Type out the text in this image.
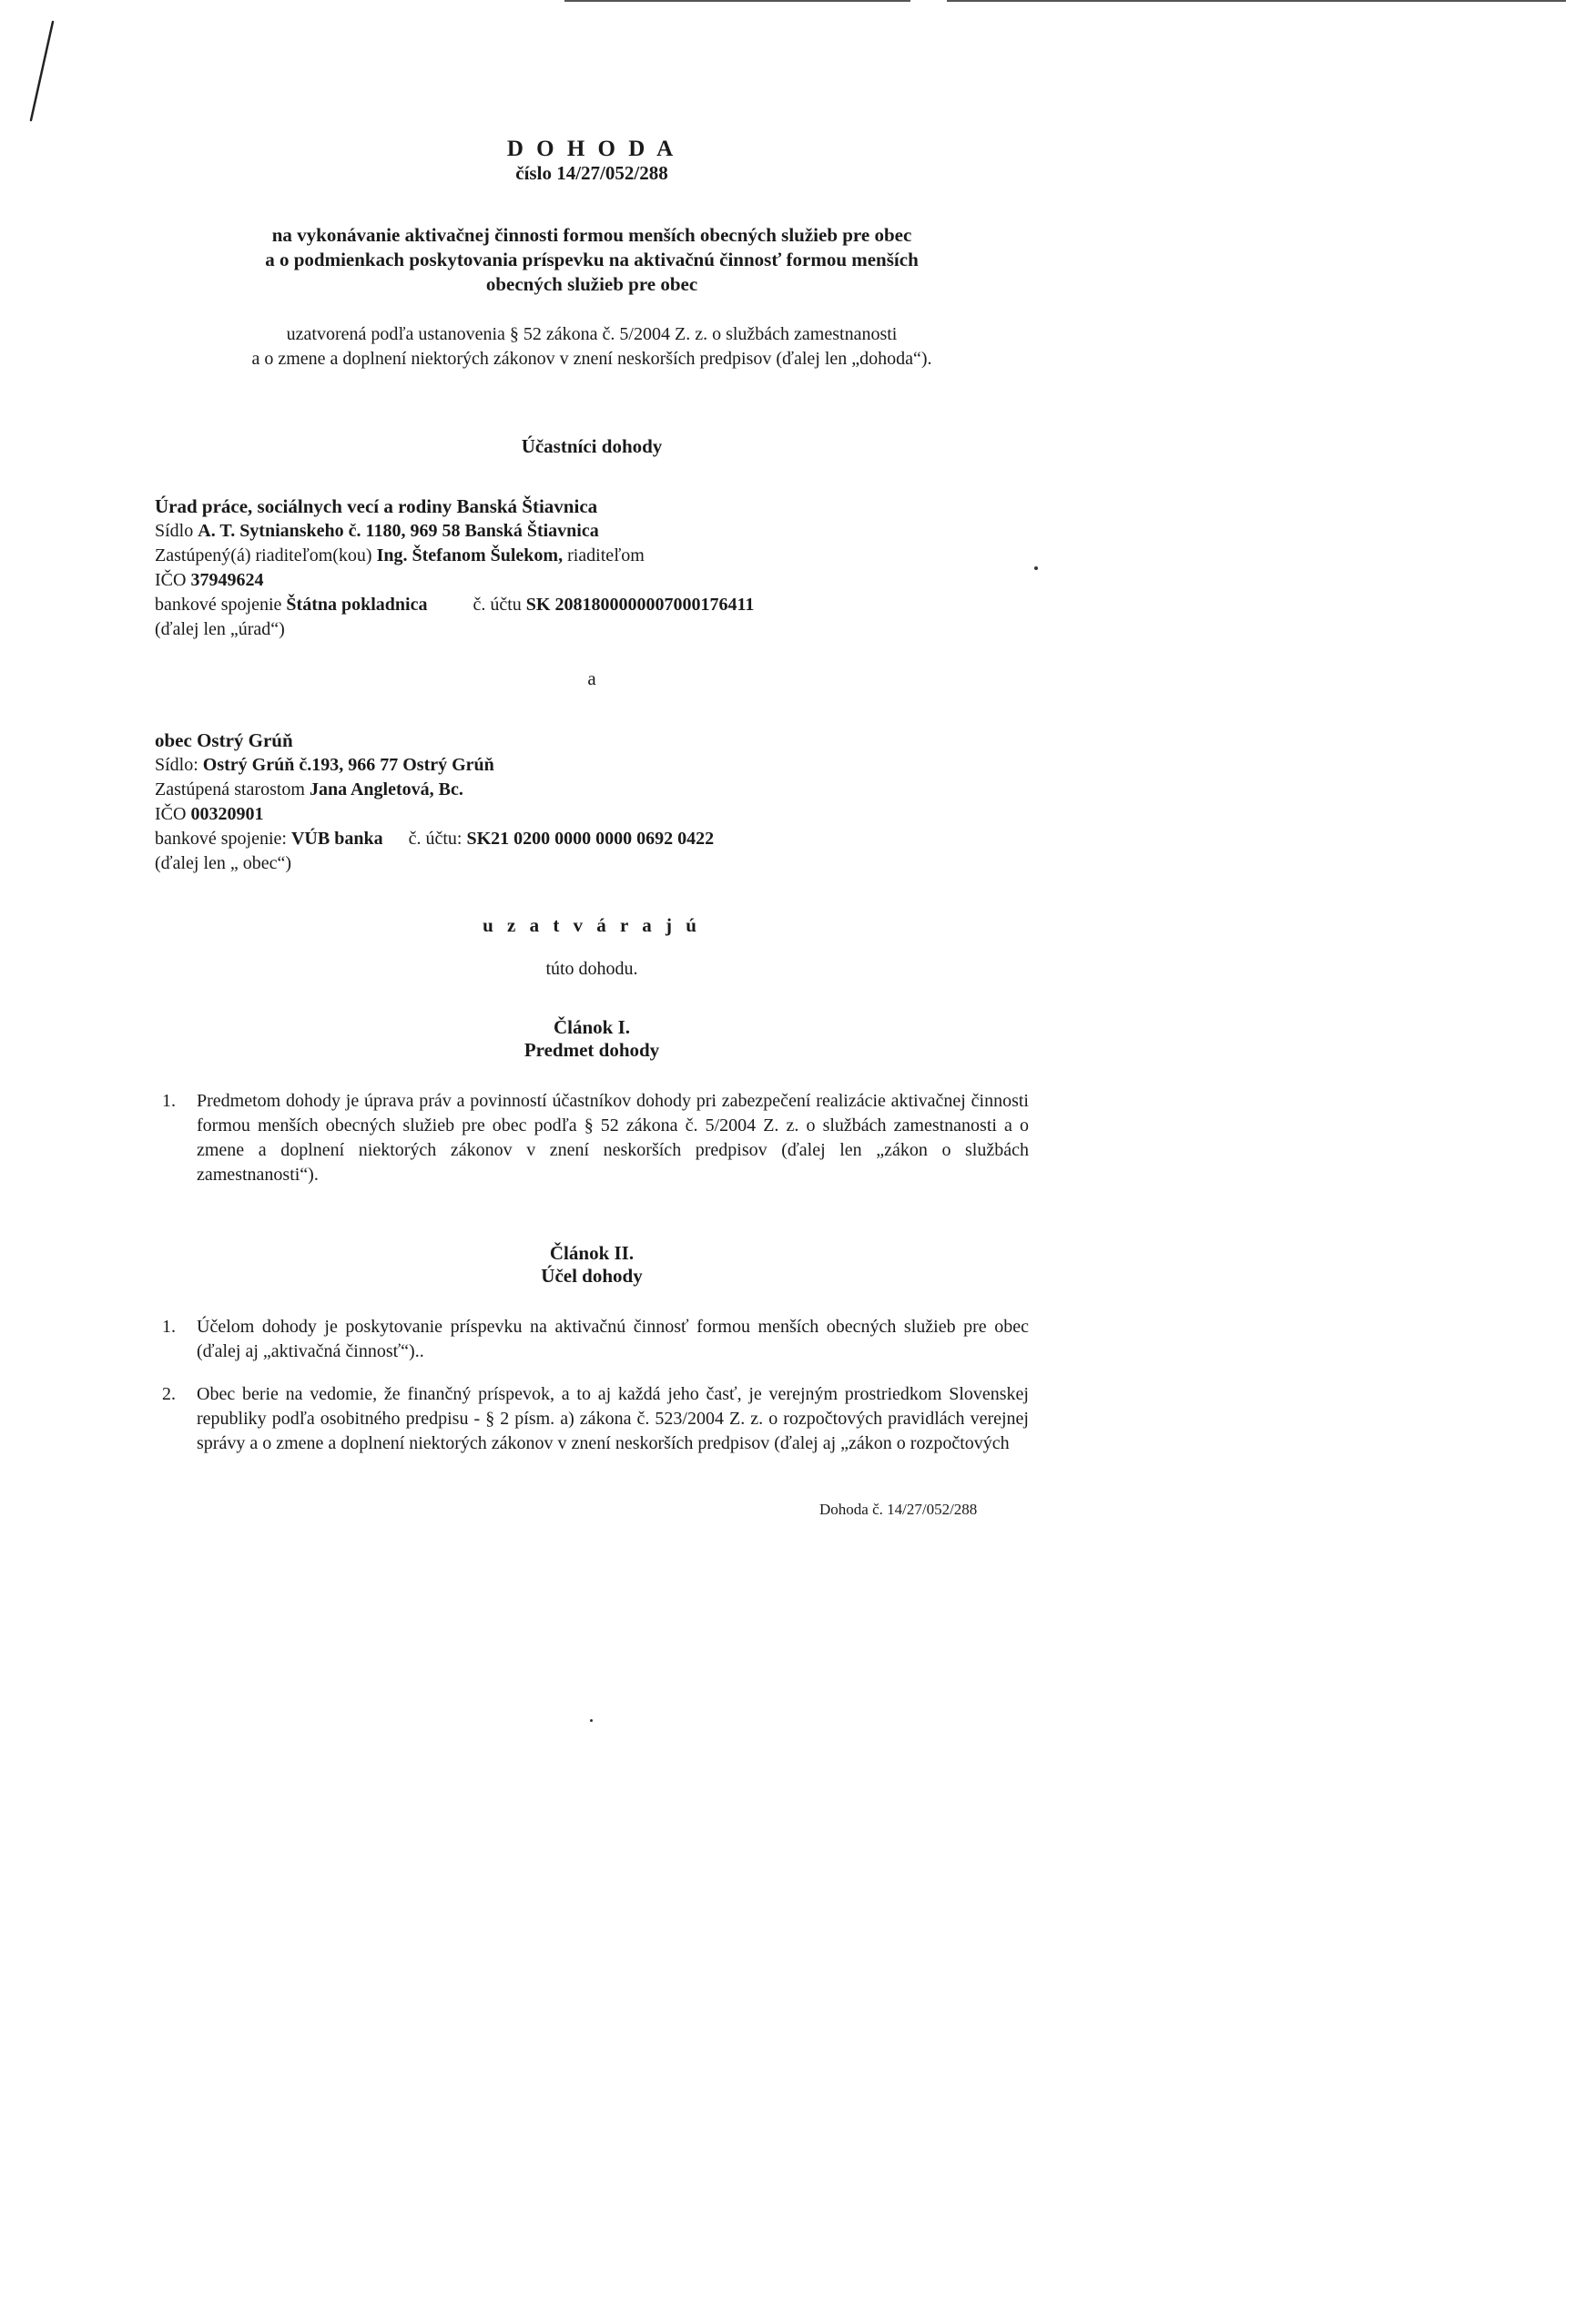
D O H O D A

číslo 14/27/052/288

na vykonávanie aktivačnej činnosti formou menších obecných služieb pre obec
a o podmienkach poskytovania príspevku na aktivačnú činnosť formou menších
obecných služieb pre obec
uzatvorená podľa ustanovenia § 52 zákona č. 5/2004 Z. z. o službách zamestnanosti
a o zmene a doplnení niektorých zákonov v znení neskorších predpisov (ďalej len „dohoda“).

Účastníci dohody

Úrad práce, sociálnych vecí a rodiny Banská Štiavnica
Sídlo A. T. Sytnianskeho č. 1180, 969 58 Banská Štiavnica
Zastúpený(á) riaditeľom(kou) Ing. Štefanom Šulekom, riaditeľom
IČO 37949624
bankové spojenie Štátna pokladnica	č. účtu SK 2081800000007000176411
(ďalej len „úrad“)

a

obec Ostrý Grúň
Sídlo: Ostrý Grúň č.193, 966 77 Ostrý Grúň
Zastúpená starostom Jana Angletová, Bc.
IČO 00320901
bankové spojenie: VÚB banka č. účtu: SK21 0200 0000 0000 0692 0422
(ďalej len „ obec“)

u z a t v á r a j ú

túto dohodu.

Článok I.

Predmet dohody

1. Predmetom dohody je úprava práv a povinností účastníkov dohody pri zabezpečení realizácie aktivačnej činnosti formou menších obecných služieb pre obec podľa § 52 zákona č. 5/2004 Z. z. o službách zamestnanosti a o zmene a doplnení niektorých zákonov v znení neskorších predpisov (ďalej len „zákon o službách zamestnanosti“).

Článok II.

Účel dohody

1. Účelom dohody je poskytovanie príspevku na aktivačnú činnosť formou menších obecných služieb pre obec (ďalej aj „aktivačná činnosť“)..
2. Obec berie na vedomie, že finančný príspevok, a to aj každá jeho časť, je verejným prostriedkom Slovenskej republiky podľa osobitného predpisu - § 2 písm. a) zákona č. 523/2004 Z. z. o rozpočtových pravidlách verejnej správy a o zmene a doplnení niektorých zákonov v znení neskorších predpisov (ďalej aj „zákon o rozpočtových
Dohoda č. 14/27/052/288
